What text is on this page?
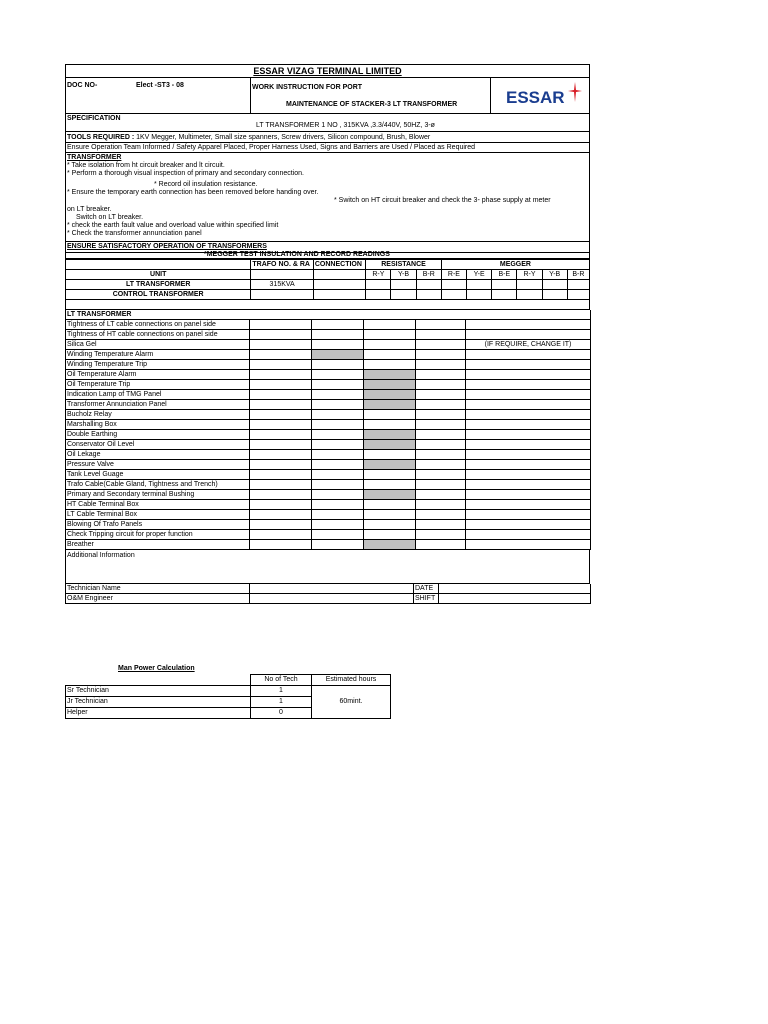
ESSAR VIZAG TERMINAL LIMITED
DOC NO-	Elect -ST3 - 08	WORK INSTRUCTION FOR PORT
MAINTENANCE OF STACKER-3 LT TRANSFORMER	ESSAR
SPECIFICATION
LT TRANSFORMER 1 NO , 315KVA ,3.3/440V, 50HZ, 3-ø
TOOLS REQUIRED : 1KV Megger, Multimeter, Small size spanners, Screw drivers, Silicon compound, Brush, Blower
Ensure Operation Team Informed / Safety Apparel Placed, Proper Harness Used, Signs and Barriers are Used / Placed as Required
TRANSFORMER
* Take isolation from ht circuit breaker and lt circuit.
* Perform a thorough visual inspection of primary and secondary connection.
* Record oil insulation resistance.
* Ensure the temporary earth connection has been removed before handing over.
* Switch on HT circuit breaker and check the 3- phase supply at meter
on LT breaker.
Switch on LT breaker.
* check the earth fault value and overload value within specified limit
* Check the transformer annunciation panel
ENSURE SATISFACTORY OPERATION OF TRANSFORMERS
*MEGGER TEST INSULATION AND RECORD READINGS
	TRAFO NO. & RA	CONNECTION	RESISTANCE			MEGGER					
UNIT			R-Y	Y-B	B-R	R-E	Y-E	B-E	R-Y	Y-B	B-R
LT TRANSFORMER	315KVA										
CONTROL TRANSFORMER											
LT TRANSFORMER					
Tightness of LT cable connections on panel side					
Tightness of HT cable connections on panel side					
Silica Gel					(IF REQUIRE, CHANGE IT)
Winding Temperature Alarm					
Winding Temperature Trip					
Oil Temperature Alarm					
Oil Temperature Trip					
Indication Lamp of TMG Panel					
Transformer Annunciation Panel					
Bucholz Relay					
Marshalling Box					
Double Earthing					
Conservator Oil Level					
Oil Lekage					
Pressure Valve					
Tank Level Guage					
Trafo Cable(Cable Gland, Tightness and Trench)					
Primary and Secondary terminal Bushing					
HT Cable Terminal Box					
LT Cable Terminal Box					
Blowing Of Trafo Panels					
Check Tripping circuit for proper function					
Breather					
Additional Information
Technician Name		DATE	
O&M Engineer		SHIFT	
Man Power Calculation
	No of Tech	Estimated hours
Sr Technician	1	60mint.
Jr Technician	1	
Helper	0	
